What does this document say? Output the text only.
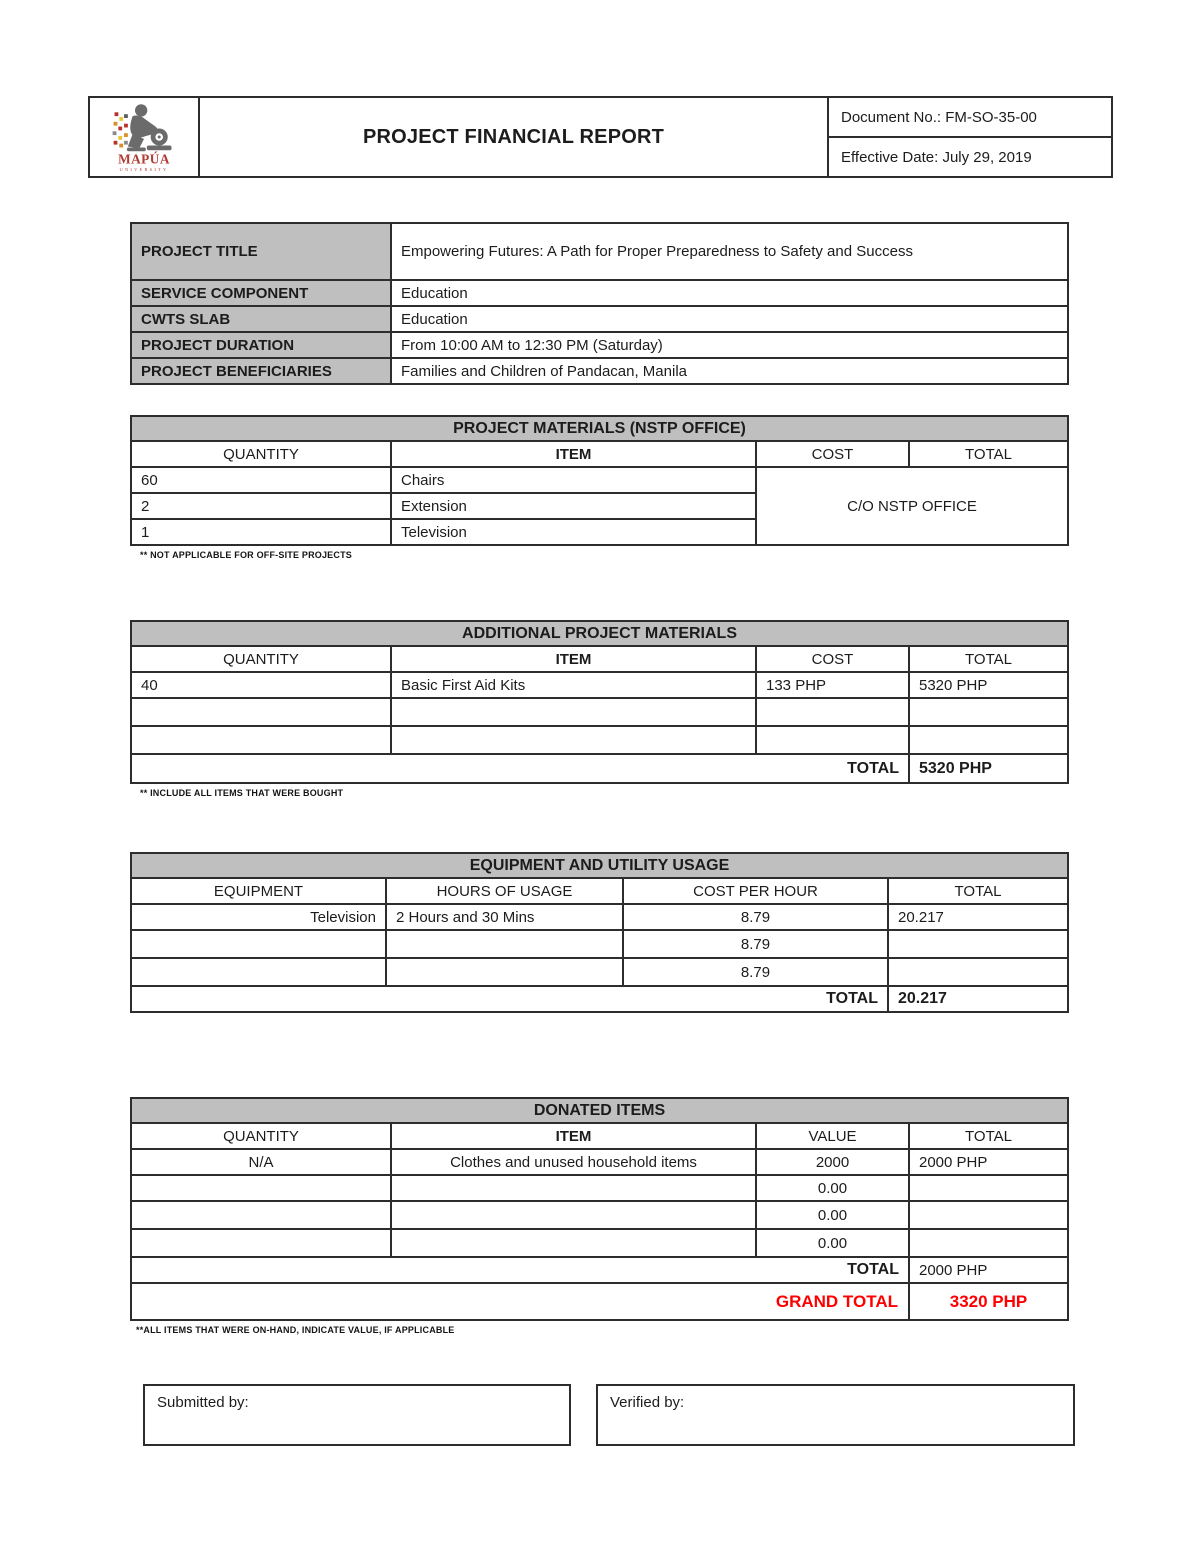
MAPÚA
UNIVERSITY
PROJECT FINANCIAL REPORT
Document No.: FM-SO-35-00
Effective Date: July 29, 2019
PROJECT TITLE	Empowering Futures: A Path for Proper Preparedness to Safety and Success
SERVICE COMPONENT	Education
CWTS SLAB	Education
PROJECT DURATION	From 10:00 AM to 12:30 PM (Saturday)
PROJECT BENEFICIARIES	Families and Children of Pandacan, Manila
PROJECT MATERIALS (NSTP OFFICE)			
QUANTITY	ITEM	COST	TOTAL
60	Chairs	C/O NSTP OFFICE	
2	Extension		
1	Television		
** NOT APPLICABLE FOR OFF-SITE PROJECTS
ADDITIONAL PROJECT MATERIALS			
QUANTITY	ITEM	COST	TOTAL
40	Basic First Aid Kits	133 PHP	5320 PHP

TOTAL			5320 PHP
** INCLUDE ALL ITEMS THAT WERE BOUGHT
EQUIPMENT AND UTILITY USAGE			
EQUIPMENT	HOURS OF USAGE	COST PER HOUR	TOTAL
Television	2 Hours and 30 Mins	8.79	20.217
		8.79	
		8.79	
TOTAL			20.217
DONATED ITEMS			
QUANTITY	ITEM	VALUE	TOTAL
N/A	Clothes and unused household items	2000	2000 PHP
		0.00	
		0.00	
		0.00	
TOTAL			2000 PHP
GRAND TOTAL			3320 PHP
**ALL ITEMS THAT WERE ON-HAND, INDICATE VALUE, IF APPLICABLE
Submitted by:	Verified by:
